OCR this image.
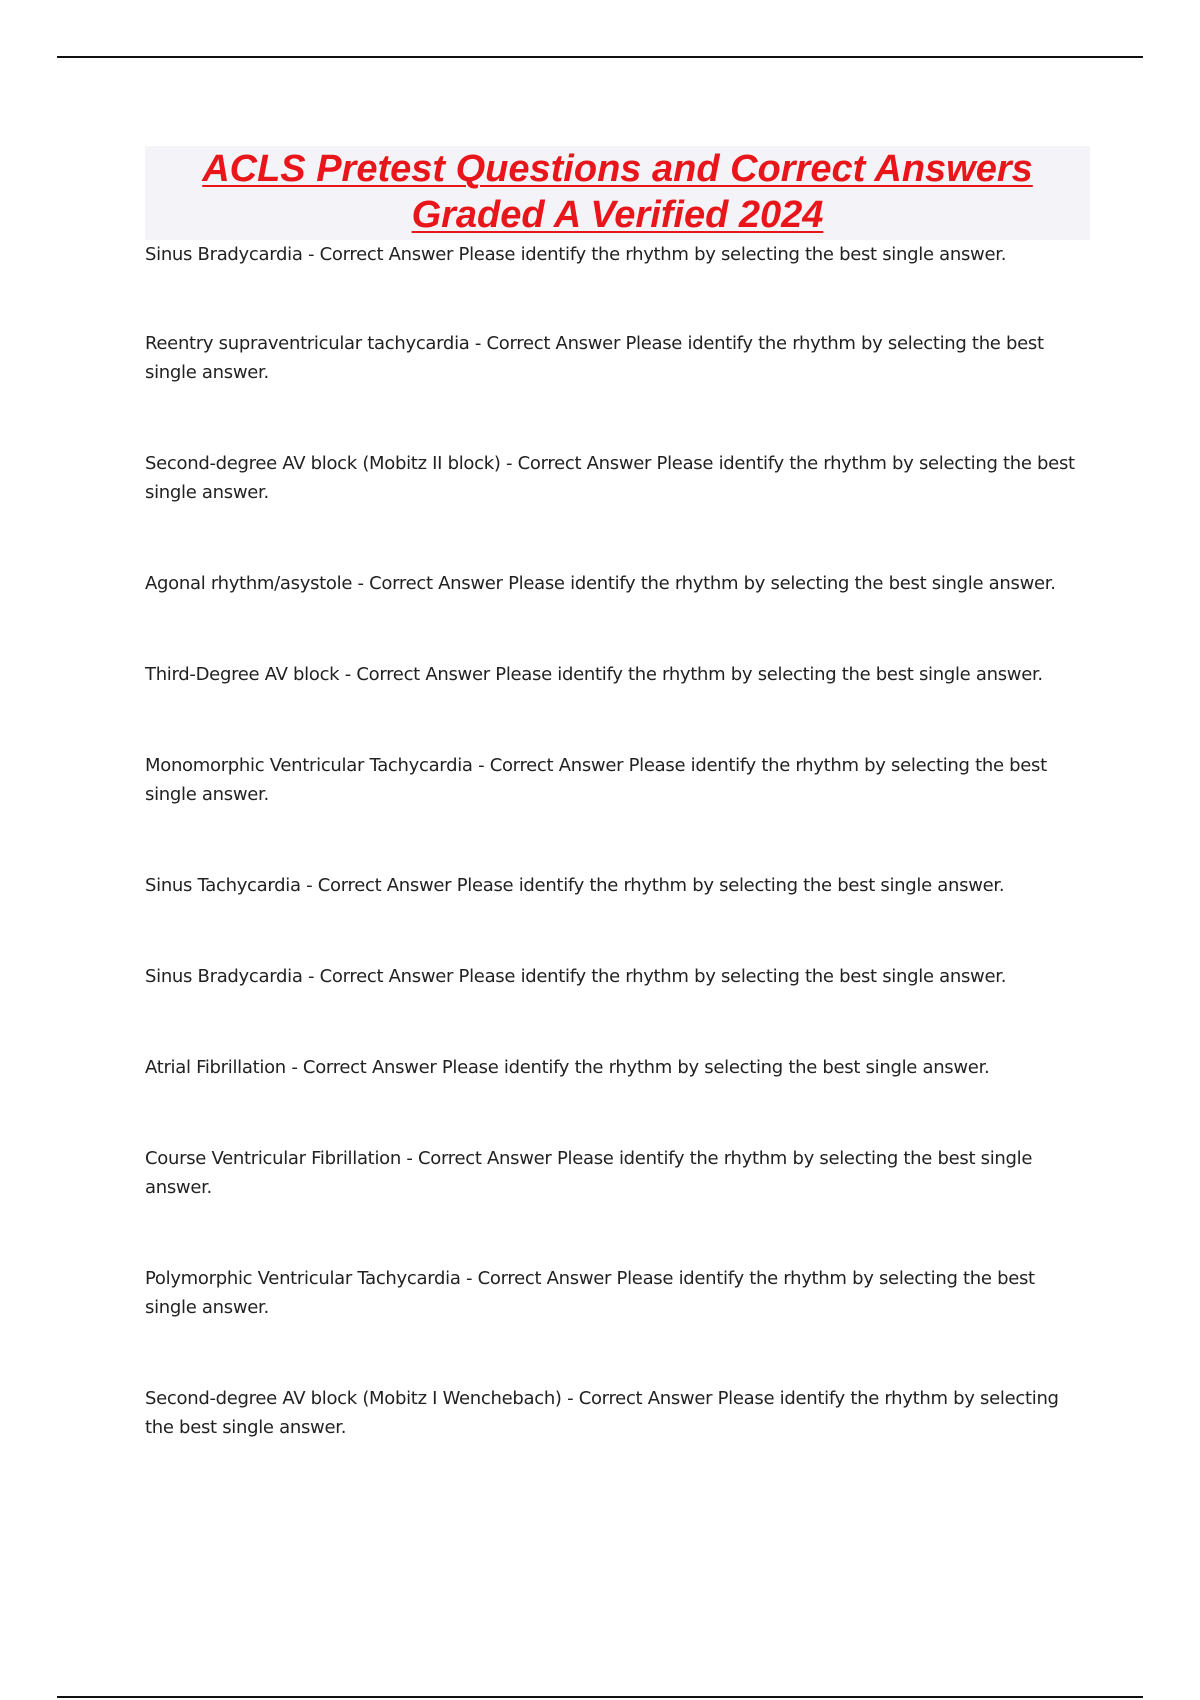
ACLS Pretest Questions and Correct Answers
Graded A Verified 2024
Sinus Bradycardia - Correct Answer Please identify the rhythm by selecting the best single answer.
Reentry supraventricular tachycardia - Correct Answer Please identify the rhythm by selecting the best single answer.
Second-degree AV block (Mobitz II block) - Correct Answer Please identify the rhythm by selecting the best single answer.
Agonal rhythm/asystole - Correct Answer Please identify the rhythm by selecting the best single answer.
Third-Degree AV block - Correct Answer Please identify the rhythm by selecting the best single answer.
Monomorphic Ventricular Tachycardia - Correct Answer Please identify the rhythm by selecting the best single answer.
Sinus Tachycardia - Correct Answer Please identify the rhythm by selecting the best single answer.
Sinus Bradycardia - Correct Answer Please identify the rhythm by selecting the best single answer.
Atrial Fibrillation - Correct Answer Please identify the rhythm by selecting the best single answer.
Course Ventricular Fibrillation - Correct Answer Please identify the rhythm by selecting the best single answer.
Polymorphic Ventricular Tachycardia - Correct Answer Please identify the rhythm by selecting the best single answer.
Second-degree AV block (Mobitz I Wenchebach) - Correct Answer Please identify the rhythm by selecting the best single answer.
